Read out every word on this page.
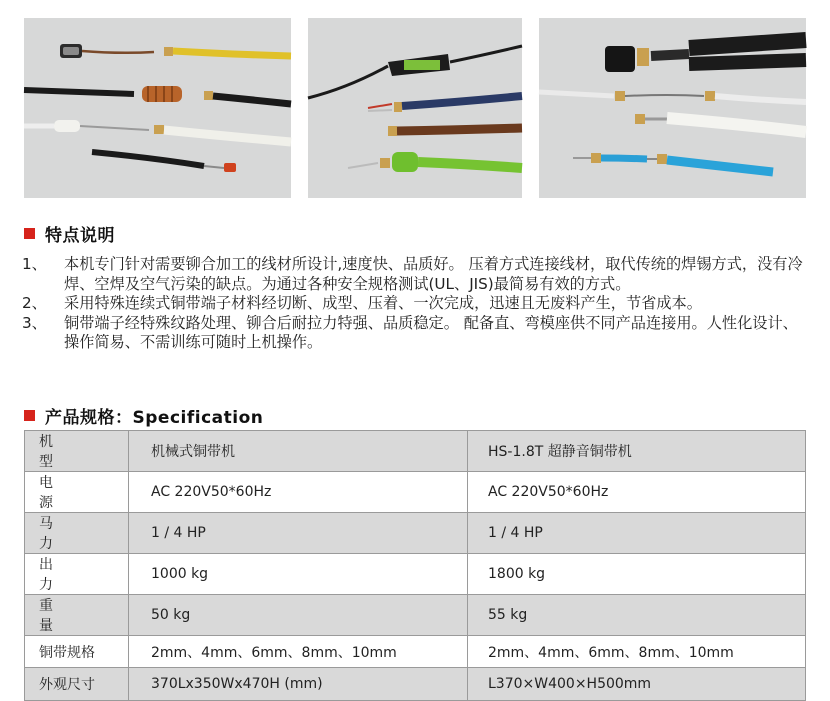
特点说明
1、	本机专门针对需要铆合加工的线材所设计,速度快、品质好。 压着方式连接线材，取代传统的焊锡方式，没有冷焊、空焊及空气污染的缺点。为通过各种安全规格测试(UL、JIS)最简易有效的方式。
2、	采用特殊连续式铜带端子材料经切断、成型、压着、一次完成，迅速且无废料产生，节省成本。
3、	铜带端子经特殊纹路处理、铆合后耐拉力特强、品质稳定。 配备直、弯模座供不同产品连接用。人性化设计、操作简易、不需训练可随时上机操作。
产品规格：Specification
机　型	机械式铜带机	HS-1.8T 超静音铜带机
电　源	AC 220V50*60Hz	AC 220V50*60Hz
马　力	1 / 4 HP	1 / 4 HP
出　力	1000 kg	1800 kg
重　量	50 kg	55 kg
铜带规格	2mm、4mm、6mm、8mm、10mm	2mm、4mm、6mm、8mm、10mm
外观尺寸	370Lx350Wx470H (mm)	L370×W400×H500mm
